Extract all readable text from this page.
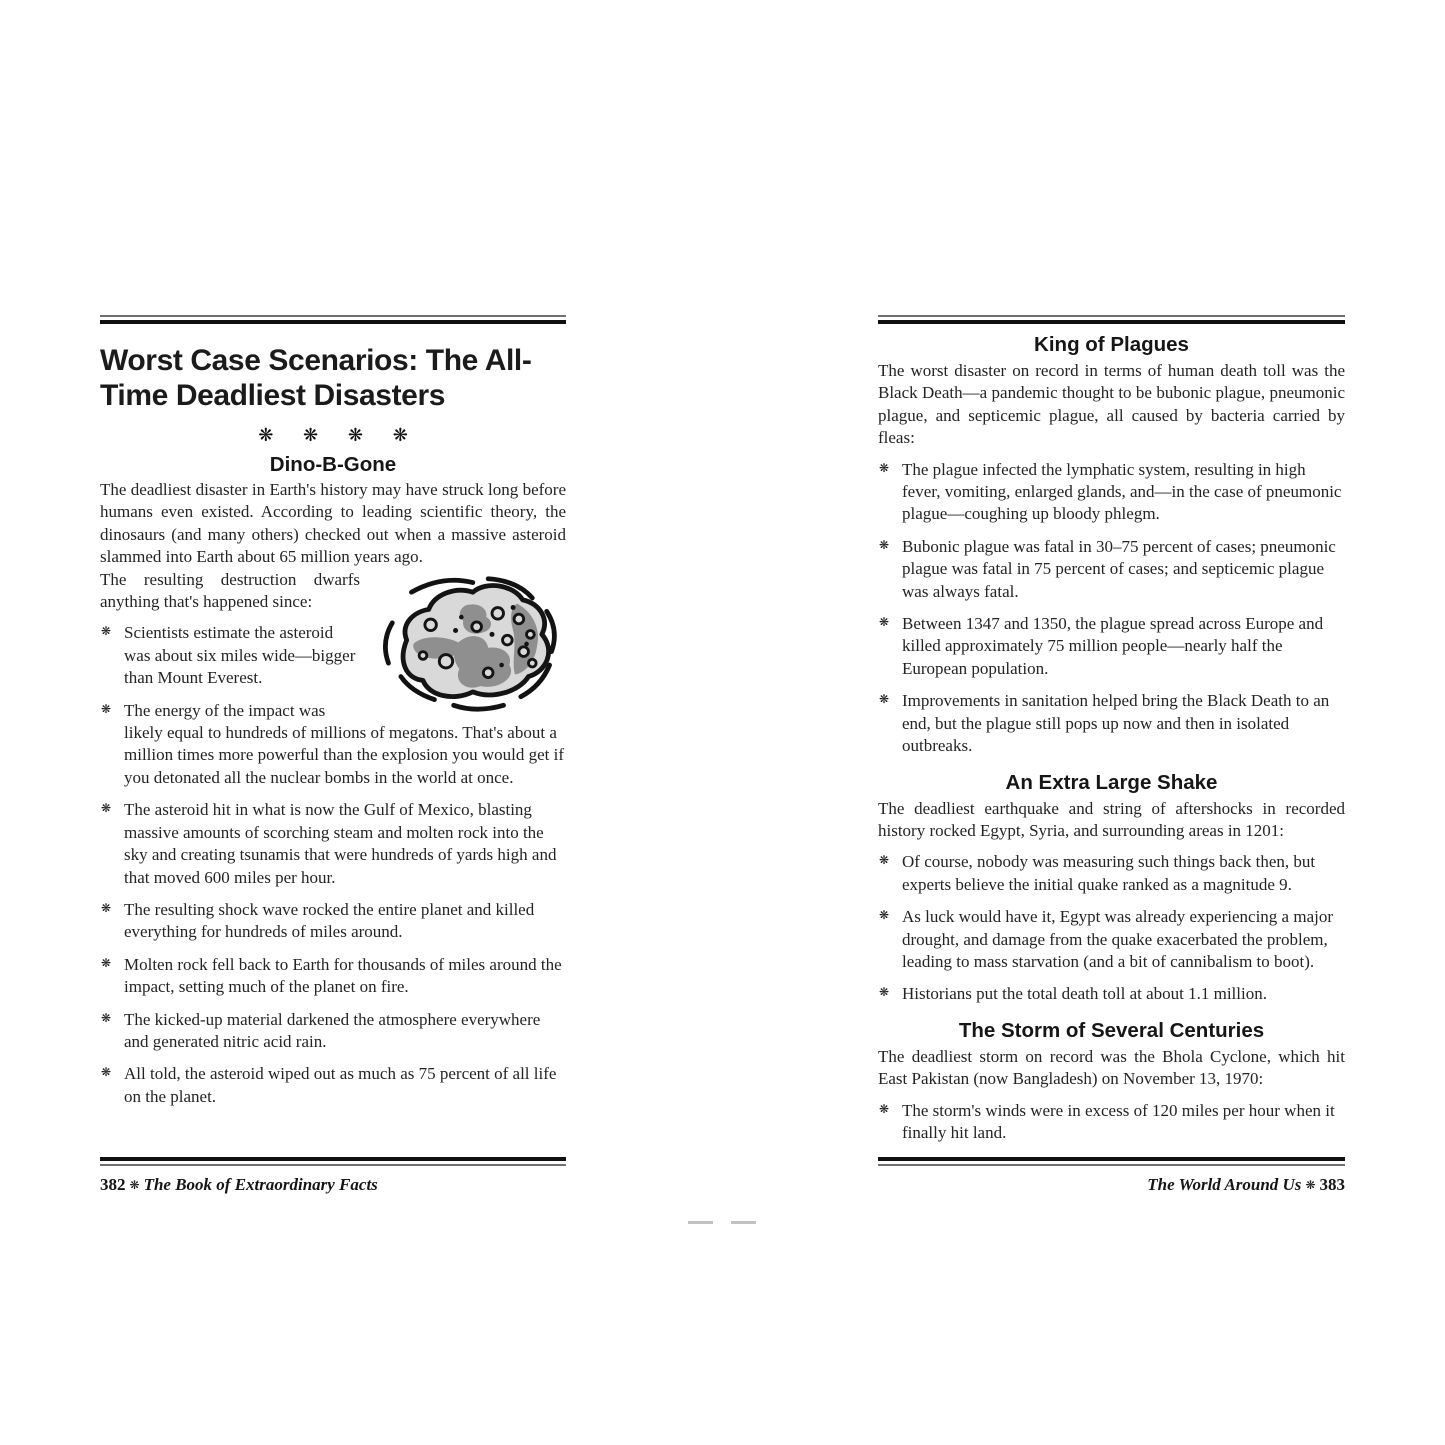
Worst Case Scenarios: The All-Time Deadliest Disasters
❋ ❋ ❋ ❋
Dino-B-Gone

The deadliest disaster in Earth's history may have struck long before humans even existed. According to leading scientific theory, the dinosaurs (and many others) checked out when a massive asteroid slammed into Earth about 65 million years ago.

The resulting destruction dwarfs anything that's happened since:

❋ Scientists estimate the asteroid was about six miles wide—bigger than Mount Everest.
❋ The energy of the impact was likely equal to hundreds of millions of megatons. That's about a million times more powerful than the explosion you would get if you detonated all the nuclear bombs in the world at once.
❋ The asteroid hit in what is now the Gulf of Mexico, blasting massive amounts of scorching steam and molten rock into the sky and creating tsunamis that were hundreds of yards high and that moved 600 miles per hour.
❋ The resulting shock wave rocked the entire planet and killed everything for hundreds of miles around.
❋ Molten rock fell back to Earth for thousands of miles around the impact, setting much of the planet on fire.
❋ The kicked-up material darkened the atmosphere everywhere and generated nitric acid rain.
❋ All told, the asteroid wiped out as much as 75 percent of all life on the planet.
382 ❋ The Book of Extraordinary Facts
King of Plagues

The worst disaster on record in terms of human death toll was the Black Death—a pandemic thought to be bubonic plague, pneumonic plague, and septicemic plague, all caused by bacteria carried by fleas:

❋ The plague infected the lymphatic system, resulting in high fever, vomiting, enlarged glands, and—in the case of pneumonic plague—coughing up bloody phlegm.
❋ Bubonic plague was fatal in 30–75 percent of cases; pneumonic plague was fatal in 75 percent of cases; and septicemic plague was always fatal.
❋ Between 1347 and 1350, the plague spread across Europe and killed approximately 75 million people—nearly half the European population.
❋ Improvements in sanitation helped bring the Black Death to an end, but the plague still pops up now and then in isolated outbreaks.
An Extra Large Shake

The deadliest earthquake and string of aftershocks in recorded history rocked Egypt, Syria, and surrounding areas in 1201:

❋ Of course, nobody was measuring such things back then, but experts believe the initial quake ranked as a magnitude 9.
❋ As luck would have it, Egypt was already experiencing a major drought, and damage from the quake exacerbated the problem, leading to mass starvation (and a bit of cannibalism to boot).
❋ Historians put the total death toll at about 1.1 million.
The Storm of Several Centuries

The deadliest storm on record was the Bhola Cyclone, which hit East Pakistan (now Bangladesh) on November 13, 1970:

❋ The storm's winds were in excess of 120 miles per hour when it finally hit land.
The World Around Us ❋ 383
